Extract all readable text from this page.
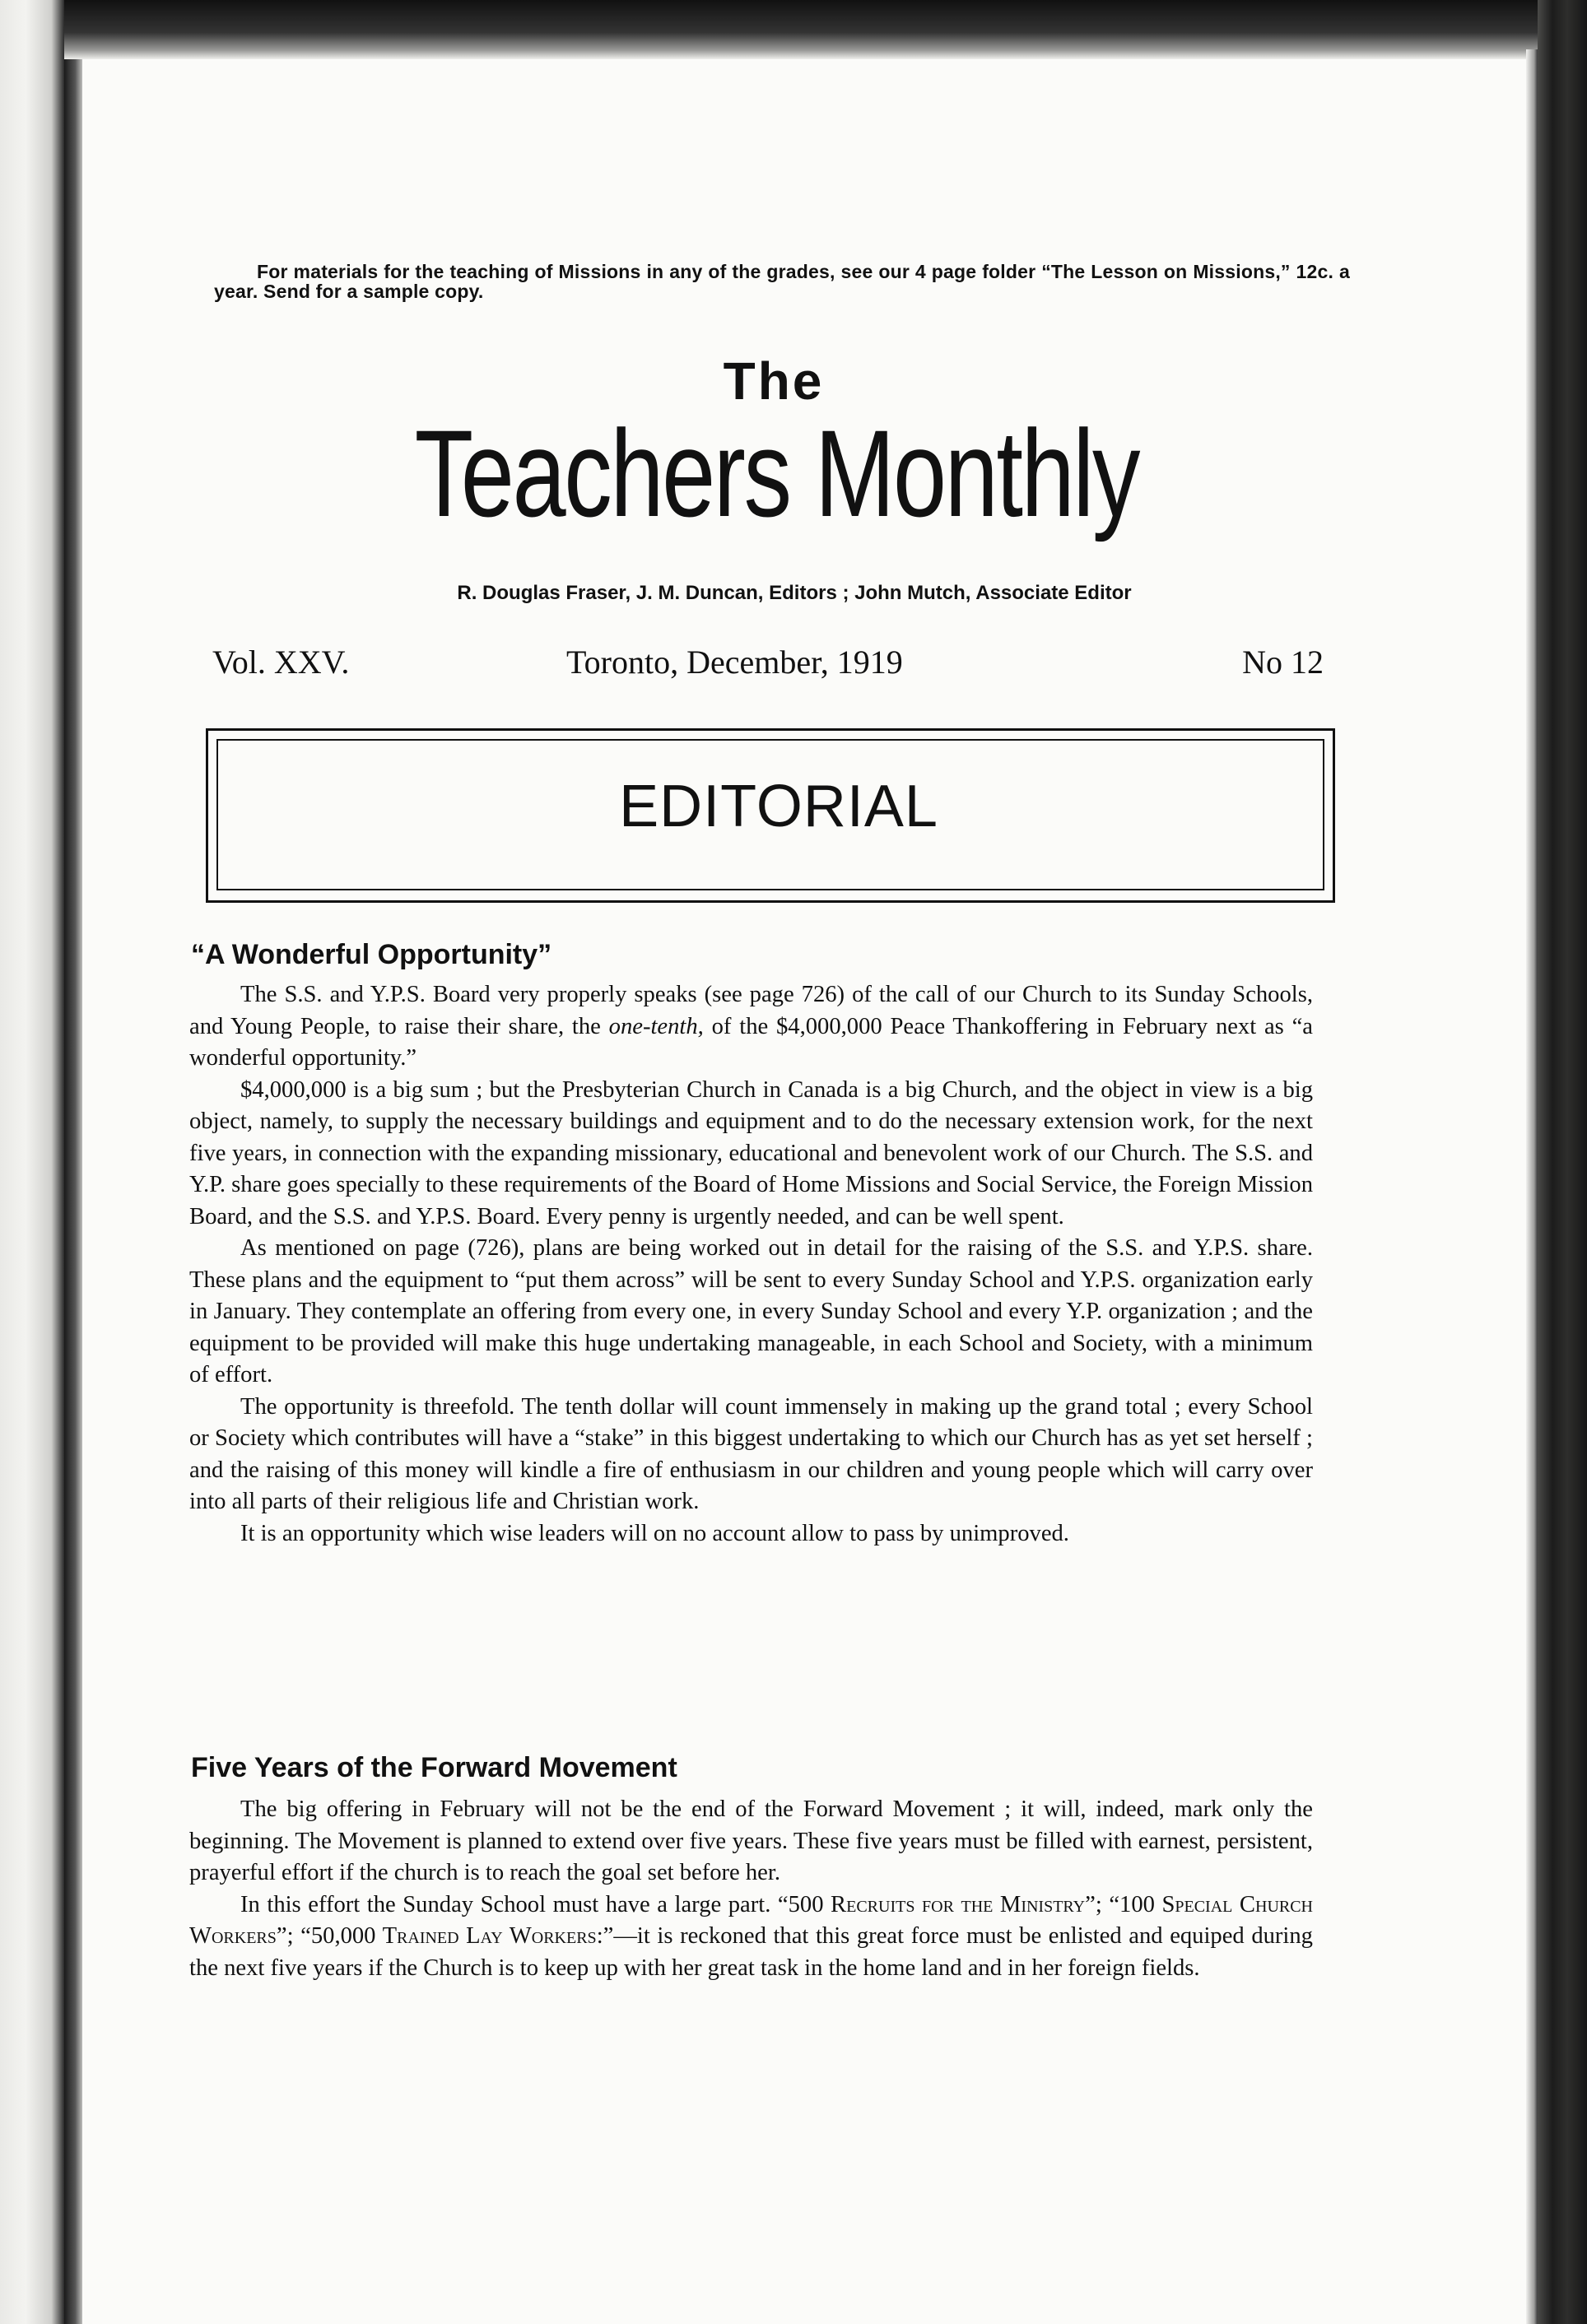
For materials for the teaching of Missions in any of the grades, see our 4 page folder “The Lesson on Missions,” 12c. a year. Send for a sample copy.
The
Teachers Monthly
R. Douglas Fraser, J. M. Duncan, Editors ; John Mutch, Associate Editor
Vol. XXV.	Toronto, December, 1919	No 12
EDITORIAL
“A Wonderful Opportunity”

The S.S. and Y.P.S. Board very properly speaks (see page 726) of the call of our Church to its Sunday Schools, and Young People, to raise their share, the one-tenth, of the $4,000,000 Peace Thankoffering in February next as “a wonderful opportunity.”

$4,000,000 is a big sum ; but the Presbyterian Church in Canada is a big Church, and the object in view is a big object, namely, to supply the necessary buildings and equipment and to do the necessary extension work, for the next five years, in connection with the expanding missionary, educational and benevolent work of our Church. The S.S. and Y.P. share goes specially to these requirements of the Board of Home Missions and Social Service, the Foreign Mission Board, and the S.S. and Y.P.S. Board. Every penny is urgently needed, and can be well spent.

As mentioned on page (726), plans are being worked out in detail for the raising of the S.S. and Y.P.S. share. These plans and the equipment to “put them across” will be sent to every Sunday School and Y.P.S. organization early in January. They contemplate an offering from every one, in every Sunday School and every Y.P. organization ; and the equipment to be provided will make this huge undertaking manageable, in each School and Society, with a minimum of effort.

The opportunity is threefold. The tenth dollar will count immensely in making up the grand total ; every School or Society which contributes will have a “stake” in this biggest undertaking to which our Church has as yet set herself ; and the raising of this money will kindle a fire of enthusiasm in our children and young people which will carry over into all parts of their religious life and Christian work.

It is an opportunity which wise leaders will on no account allow to pass by unimproved.

Five Years of the Forward Movement

The big offering in February will not be the end of the Forward Movement ; it will, indeed, mark only the beginning. The Movement is planned to extend over five years. These five years must be filled with earnest, persistent, prayerful effort if the church is to reach the goal set before her.

In this effort the Sunday School must have a large part. “500 Recruits for the Ministry”; “100 Special Church Workers”; “50,000 Trained Lay Workers:”—it is reckoned that this great force must be enlisted and equiped during the next five years if the Church is to keep up with her great task in the home land and in her foreign fields.
